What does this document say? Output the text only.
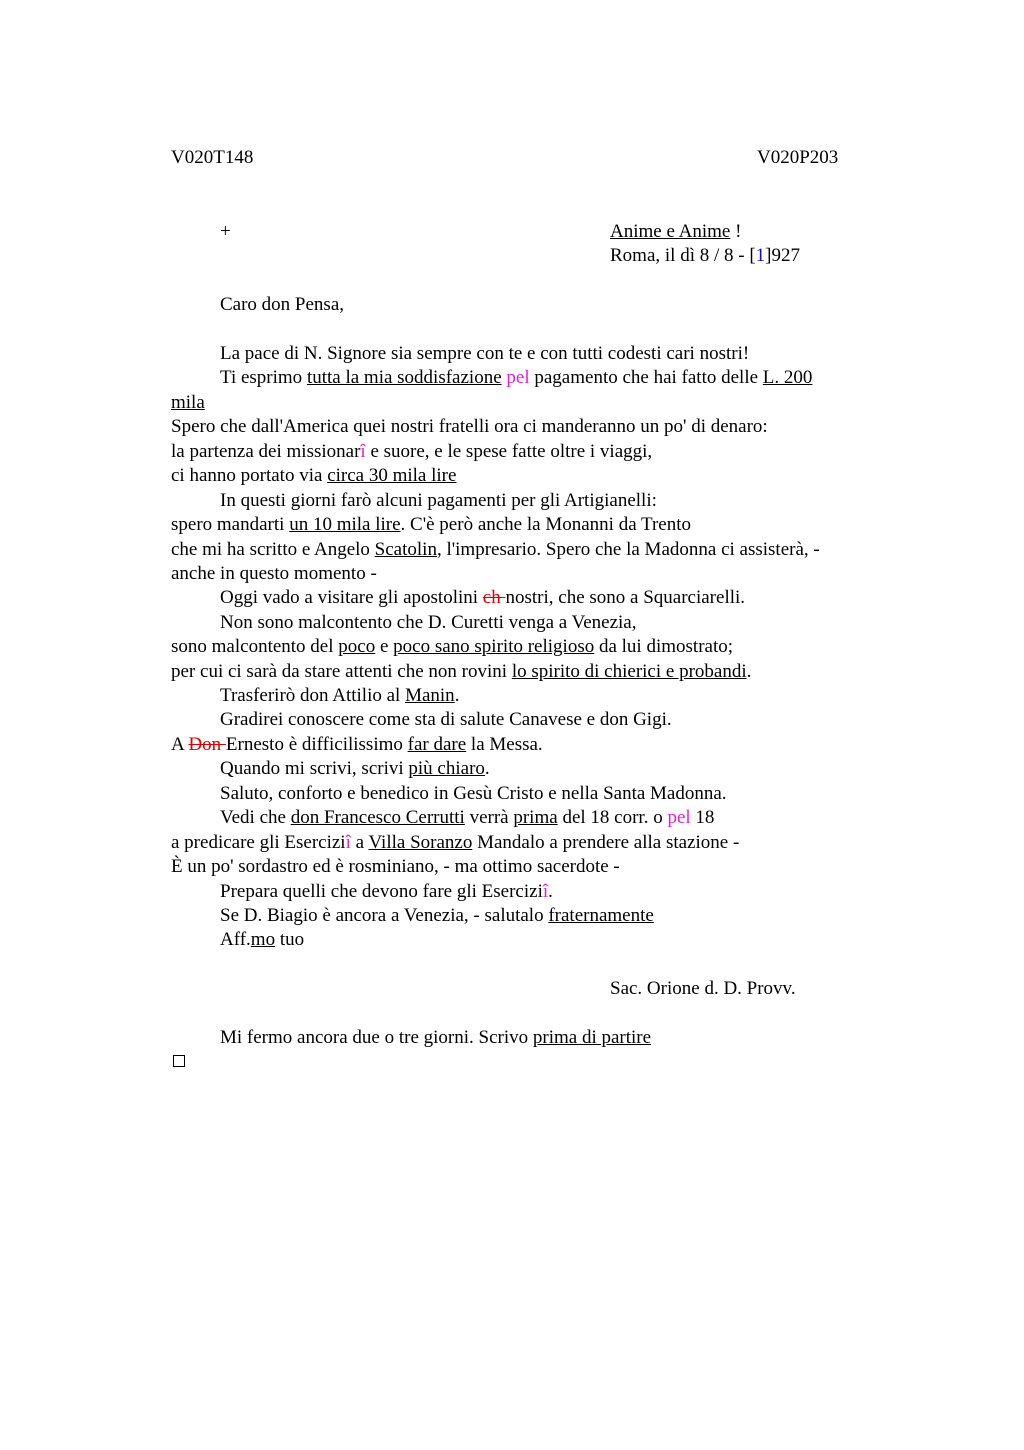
V020T148	V020P203
+	Anime e Anime !
Roma, il dì 8 / 8 - [1]927
Caro don Pensa,
La pace di N. Signore sia sempre con te e con tutti codesti cari nostri!
Ti esprimo tutta la mia soddisfazione pel pagamento che hai fatto delle L. 200
mila
Spero che dall'America quei nostri fratelli ora ci manderanno un po' di denaro:
la partenza dei missionarî e suore, e le spese fatte oltre i viaggi,
ci hanno portato via circa 30 mila lire
In questi giorni farò alcuni pagamenti per gli Artigianelli:
spero mandarti un 10 mila lire. C'è però anche la Monanni da Trento
che mi ha scritto e Angelo Scatolin, l'impresario. Spero che la Madonna ci assisterà, -
anche in questo momento -
Oggi vado a visitare gli apostolini ch nostri, che sono a Squarciarelli.
Non sono malcontento che D. Curetti venga a Venezia,
sono malcontento del poco e poco sano spirito religioso da lui dimostrato;
per cui ci sarà da stare attenti che non rovini lo spirito di chierici e probandi.
Trasferirò don Attilio al Manin.
Gradirei conoscere come sta di salute Canavese e don Gigi.
A Don Ernesto è difficilissimo far dare la Messa.
Quando mi scrivi, scrivi più chiaro.
Saluto, conforto e benedico in Gesù Cristo e nella Santa Madonna.
Vedi che don Francesco Cerrutti verrà prima del 18 corr. o pel 18
a predicare gli Eserciziî a Villa Soranzo Mandalo a prendere alla stazione -
È un po' sordastro ed è rosminiano, - ma ottimo sacerdote -
Prepara quelli che devono fare gli Eserciziî.
Se D. Biagio è ancora a Venezia, - salutalo fraternamente
Aff.mo tuo
Sac. Orione d. D. Provv.
Mi fermo ancora due o tre giorni. Scrivo prima di partire
